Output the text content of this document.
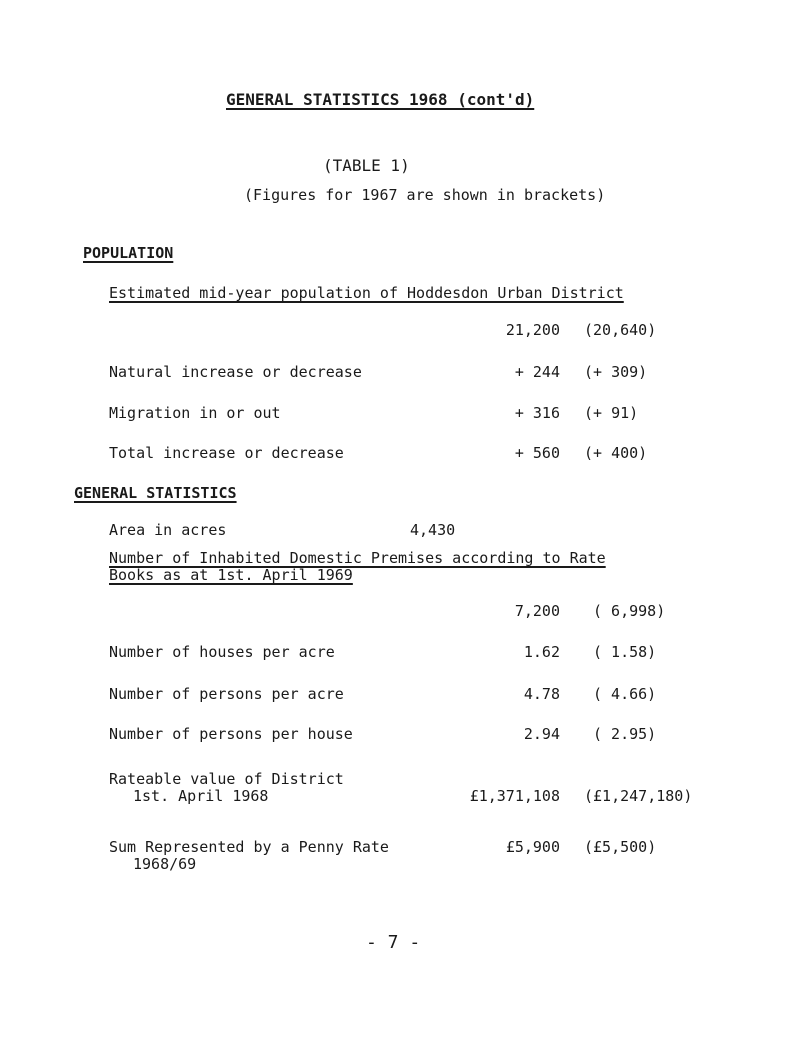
GENERAL STATISTICS 1968 (cont'd)
(TABLE 1)
(Figures for 1967 are shown in brackets)
POPULATION
Estimated mid-year population of Hoddesdon Urban District
21,200 (20,640)
Natural increase or decrease	+ 244 (+ 309)
Migration in or out	+ 316 (+ 91)
Total increase or decrease	+ 560 (+ 400)
GENERAL STATISTICS
Area in acres	4,430
Number of Inhabited Domestic Premises according to Rate
Books as at 1st. April 1969
7,200 ( 6,998)
Number of houses per acre	1.62 ( 1.58)
Number of persons per acre	4.78 ( 4.66)
Number of persons per house	2.94 ( 2.95)
Rateable value of District
1st. April 1968	£1,371,108 (£1,247,180)
Sum Represented by a Penny Rate
1968/69
£5,900 (£5,500)
- 7 -
